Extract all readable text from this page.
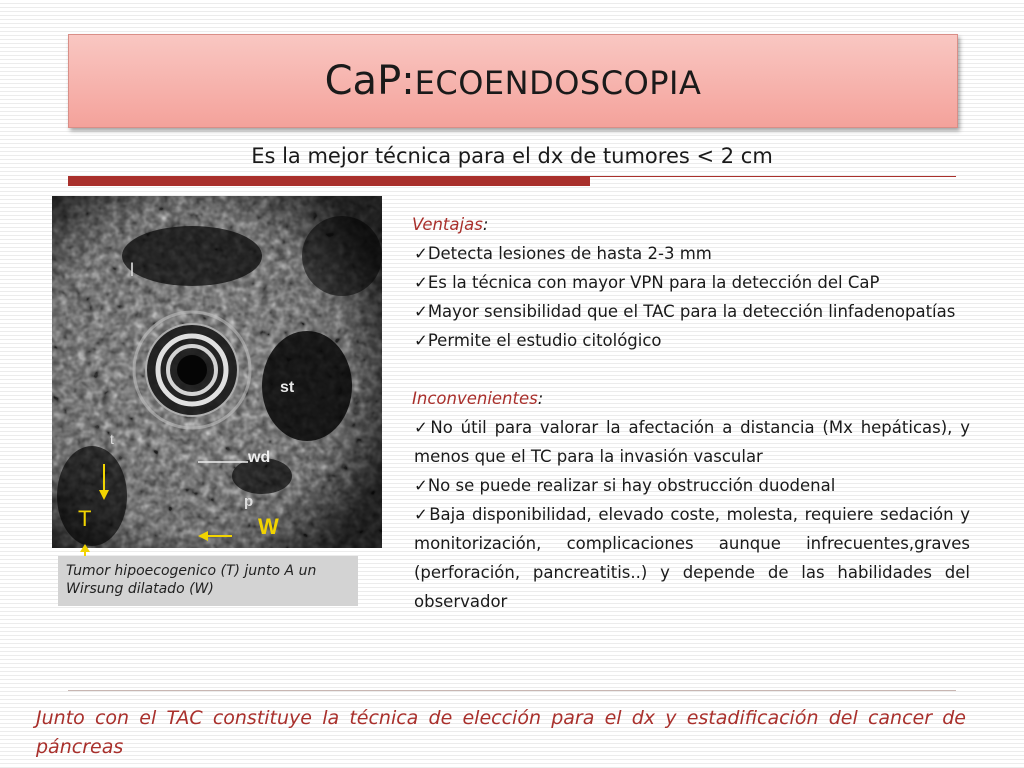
CaP:ECOENDOSCOPIA
Es la mejor técnica para el dx de tumores < 2 cm
l
st
t
wd
p
T	W
Tumor hipoecogenico (T) junto A un Wirsung dilatado (W)
Ventajas:
✓Detecta lesiones de hasta 2-3 mm
✓Es la técnica con mayor VPN para la detección del CaP
✓Mayor sensibilidad que el TAC para la detección linfadenopatías
✓Permite el estudio citológico
Inconvenientes:
✓No útil para valorar la afectación a distancia (Mx hepáticas), y menos que el TC para la invasión vascular
✓No se puede realizar si hay obstrucción duodenal
✓Baja disponibilidad, elevado coste, molesta, requiere sedación y monitorización, complicaciones aunque infrecuentes,graves (perforación, pancreatitis..) y depende de las habilidades del observador
Junto con el TAC constituye la técnica de elección para el dx y estadificación del cancer de páncreas
